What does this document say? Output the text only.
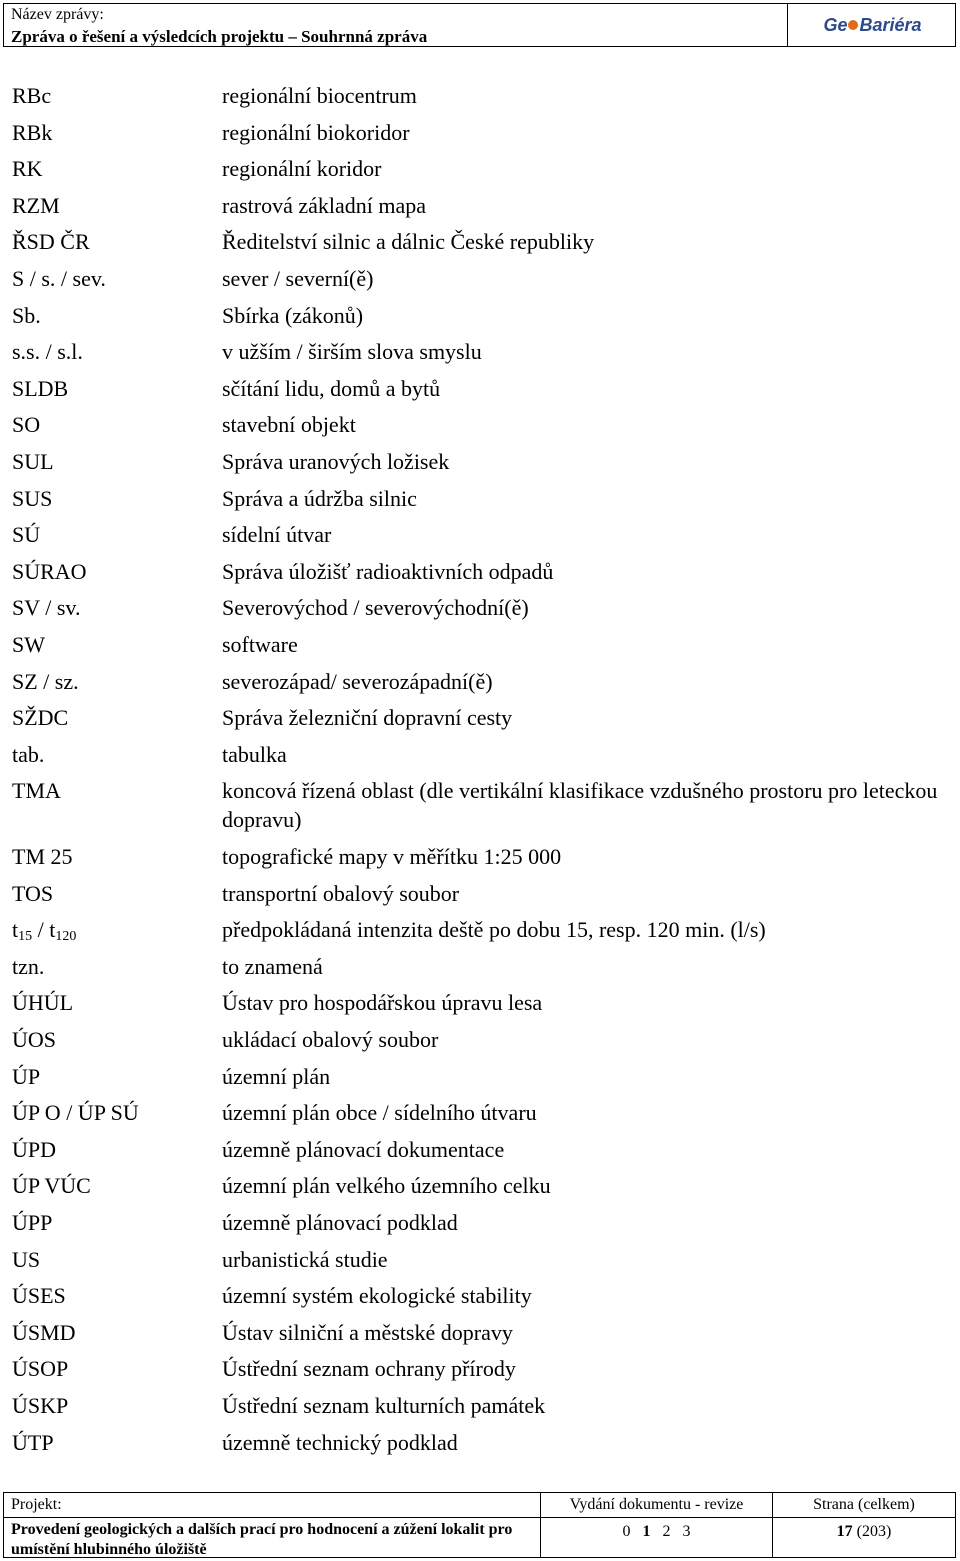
Název zprávy:
Zpráva o řešení a výsledcích projektu – Souhrnná zpráva
Ge Bariéra
RBc	regionální biocentrum
RBk	regionální biokoridor
RK	regionální koridor
RZM	rastrová základní mapa
ŘSD ČR	Ředitelství silnic a dálnic České republiky
S / s. / sev.	sever / severní(ě)
Sb.	Sbírka (zákonů)
s.s. / s.l.	v užším / širším slova smyslu
SLDB	sčítání lidu, domů a bytů
SO	stavební objekt
SUL	Správa uranových ložisek
SUS	Správa a údržba silnic
SÚ	sídelní útvar
SÚRAO	Správa úložišť radioaktivních odpadů
SV / sv.	Severovýchod / severovýchodní(ě)
SW	software
SZ / sz.	severozápad/ severozápadní(ě)
SŽDC	Správa železniční dopravní cesty
tab.	tabulka
TMA	koncová řízená oblast (dle vertikální klasifikace vzdušného prostoru pro leteckou dopravu)
TM 25	topografické mapy v měřítku 1:25 000
TOS	transportní obalový soubor
$t_{15} / t_{120}$	předpokládaná intenzita deště po dobu 15, resp. 120 min. (l/s)
tzn.	to znamená
ÚHÚL	Ústav pro hospodářskou úpravu lesa
ÚOS	ukládací obalový soubor
ÚP	územní plán
ÚP O / ÚP SÚ	územní plán obce / sídelního útvaru
ÚPD	územně plánovací dokumentace
ÚP VÚC	územní plán velkého územního celku
ÚPP	územně plánovací podklad
US	urbanistická studie
ÚSES	územní systém ekologické stability
ÚSMD	Ústav silniční a městské dopravy
ÚSOP	Ústřední seznam ochrany přírody
ÚSKP	Ústřední seznam kulturních památek
ÚTP	územně technický podklad
Projekt:
Provedení geologických a dalších prací pro hodnocení a zúžení lokalit pro umístění hlubinného úložiště
Vydání dokumentu - revize
0 1 2 3
Strana (celkem)
17 (203)
